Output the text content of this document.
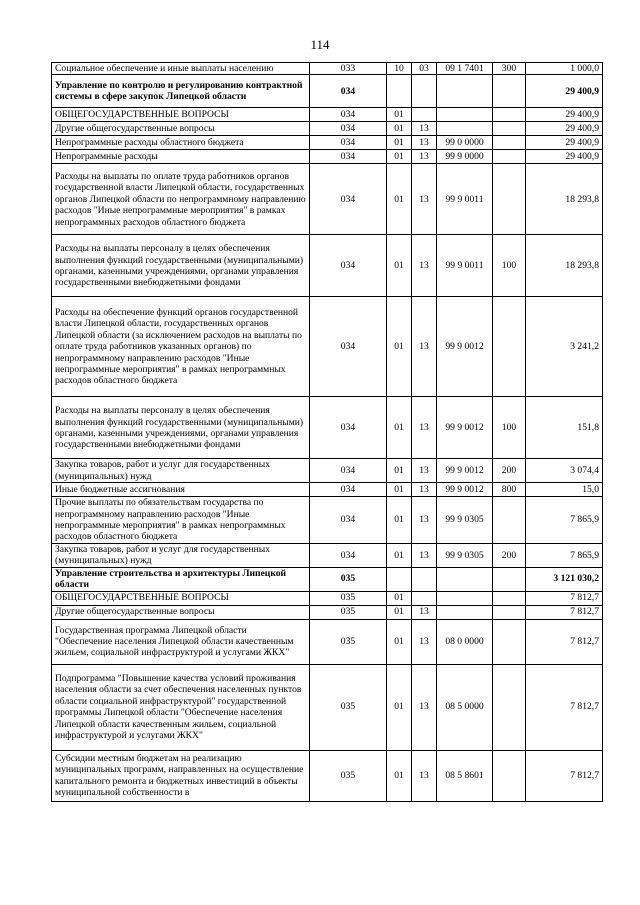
114
Социальное обеспечение и иные выплаты населению	033	10	03	09 1 7401	300	1 000,0
Управление по контролю и регулированию контрактной системы в сфере закупок Липецкой области	034					29 400,9
ОБЩЕГОСУДАРСТВЕННЫЕ ВОПРОСЫ	034	01				29 400,9
Другие общегосударственные вопросы	034	01	13			29 400,9
Непрограммные расходы областного бюджета	034	01	13	99 0 0000		29 400,9
Непрограммные расходы	034	01	13	99 9 0000		29 400,9
Расходы на выплаты по оплате труда работников органов государственной власти Липецкой области, государственных органов Липецкой области по непрограммному направлению расходов "Иные непрограммные мероприятия" в рамках непрограммных расходов областного бюджета	034	01	13	99 9 0011		18 293,8
Расходы на выплаты персоналу в целях обеспечения выполнения функций государственными (муниципальными) органами, казенными учреждениями, органами управления государственными внебюджетными фондами	034	01	13	99 9 0011	100	18 293,8
Расходы на обеспечение функций органов государственной власти Липецкой области, государственных органов Липецкой области (за исключением расходов на выплаты по оплате труда работников указанных органов) по непрограммному направлению расходов "Иные непрограммные мероприятия" в рамках непрограммных расходов областного бюджета	034	01	13	99 9 0012		3 241,2
Расходы на выплаты персоналу в целях обеспечения выполнения функций государственными (муниципальными) органами, казенными учреждениями, органами управления государственными внебюджетными фондами	034	01	13	99 9 0012	100	151,8
Закупка товаров, работ и услуг для государственных (муниципальных) нужд	034	01	13	99 9 0012	200	3 074,4
Иные бюджетные ассигнования	034	01	13	99 9 0012	800	15,0
Прочие выплаты по обязательствам государства по непрограммному направлению расходов "Иные непрограммные мероприятия" в рамках непрограммных расходов областного бюджета	034	01	13	99 9 0305		7 865,9
Закупка товаров, работ и услуг для государственных (муниципальных) нужд	034	01	13	99 9 0305	200	7 865,9
Управление строительства и архитектуры Липецкой области	035					3 121 030,2
ОБЩЕГОСУДАРСТВЕННЫЕ ВОПРОСЫ	035	01				7 812,7
Другие общегосударственные вопросы	035	01	13			7 812,7
Государственная программа Липецкой области "Обеспечение населения Липецкой области качественным жильем, социальной инфраструктурой и услугами ЖКХ"	035	01	13	08 0 0000		7 812,7
Подпрограмма "Повышение качества условий проживания населения области за счет обеспечения населенных пунктов области социальной инфраструктурой" государственной программы Липецкой области "Обеспечение населения Липецкой области качественным жильем, социальной инфраструктурой и услугами ЖКХ"	035	01	13	08 5 0000		7 812,7
Субсидии местным бюджетам на реализацию муниципальных программ, направленных на осуществление капитального ремонта и бюджетных инвестиций в объекты муниципальной собственности в	035	01	13	08 5 8601		7 812,7
